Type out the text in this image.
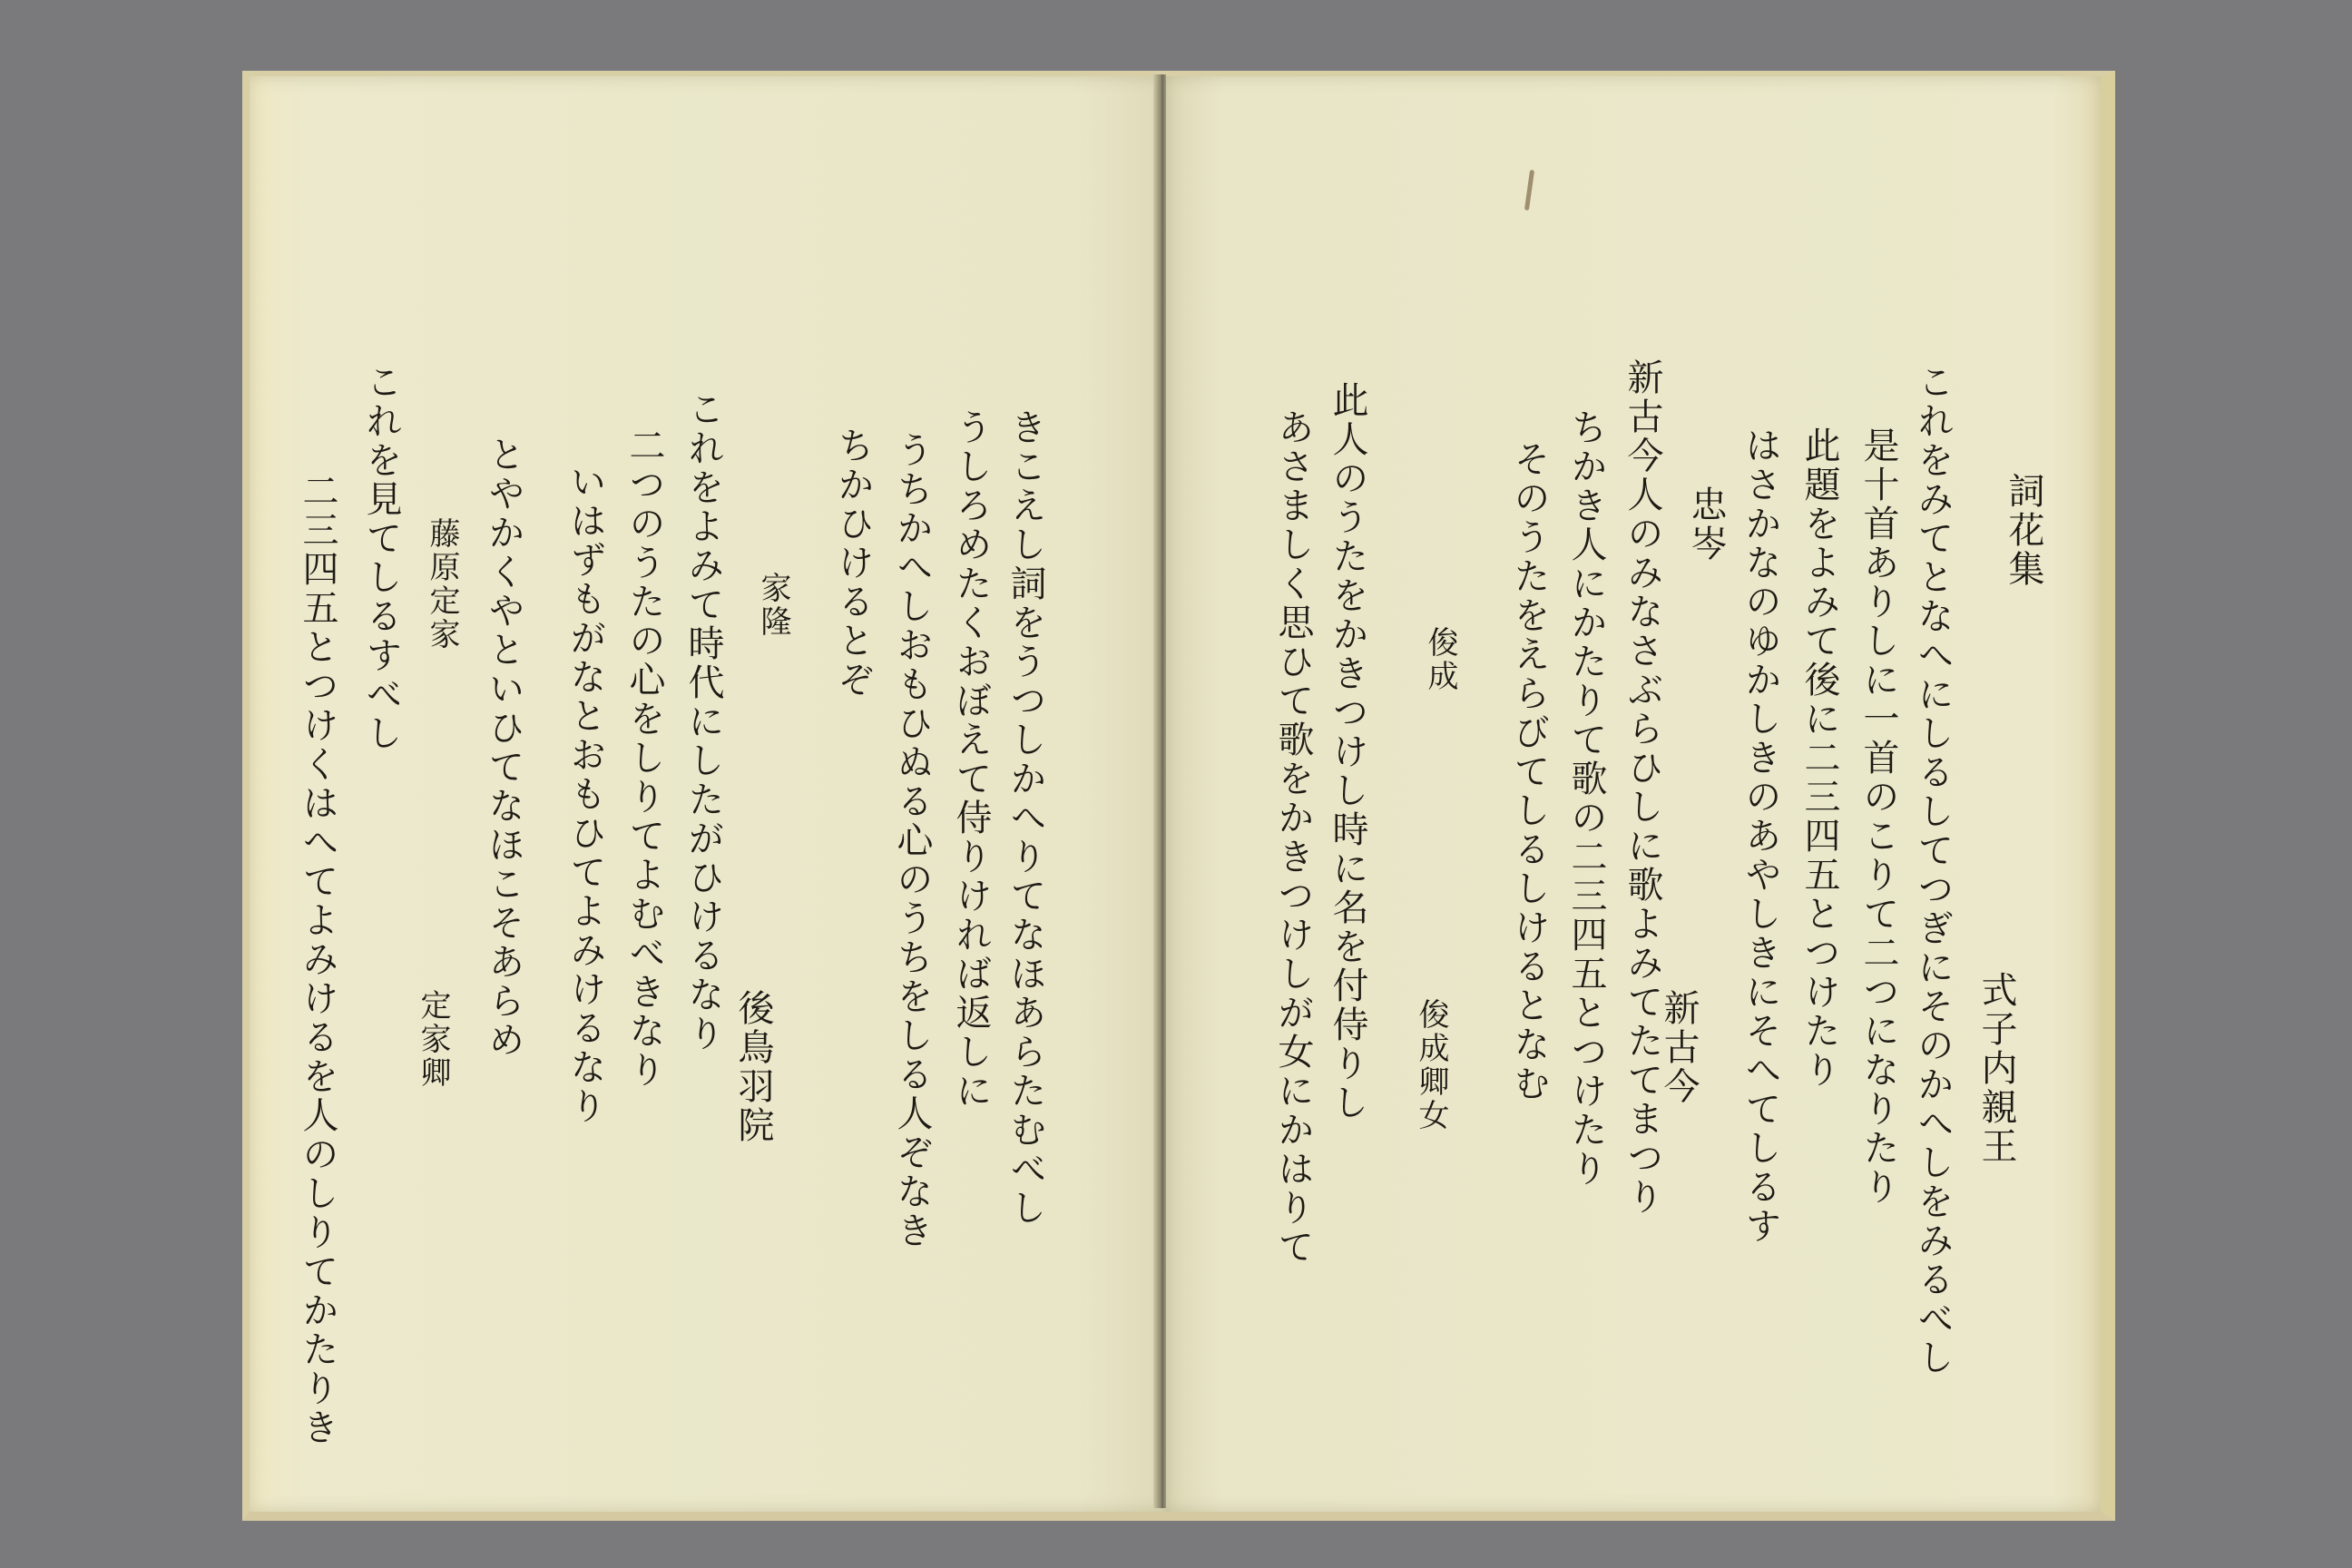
詞花集
式子内親王
これをみてとなへにしるしてつぎにそのかへしをみるべし
是十首ありしに一首のこりて二つになりたり
此題をよみて後に二三四五とつけたり
はさかなのゆかしきのあやしきにそへてしるす
忠岑
新古今
新古今人のみなさぶらひしに歌よみてたてまつり
ちかき人にかたりて歌の二三四五とつけたり
そのうたをえらびてしるしけるとなむ
俊成
俊成卿女
此人のうたをかきつけし時に名を付侍りし
あさましく思ひて歌をかきつけしが女にかはりて
きこえし詞をうつしかへりてなほあらたむべし
うしろめたくおぼえて侍りければ返しに
うちかへしおもひぬる心のうちをしる人ぞなき
ちかひけるとぞ
家隆
後鳥羽院
これをよみて時代にしたがひけるなり
二つのうたの心をしりてよむべきなり
いはずもがなとおもひてよみけるなり
とやかくやといひてなほこそあらめ
藤原定家
定家卿
これを見てしるすべし
二三四五とつけくはへてよみけるを人のしりてかたりき
